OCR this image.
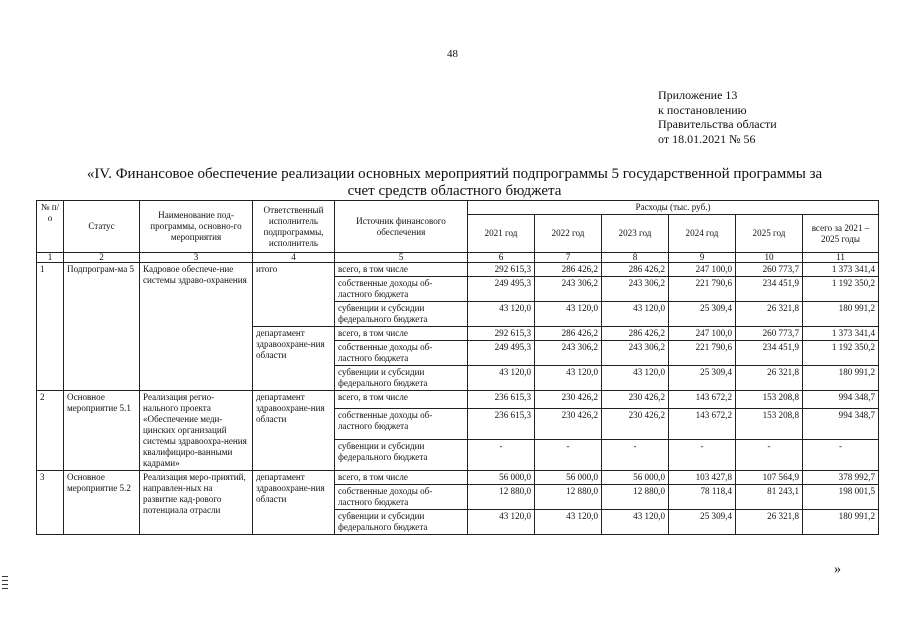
48
Приложение 13
к постановлению
Правительства области
от 18.01.2021 № 56
«IV. Финансовое обеспечение реализации основных мероприятий подпрограммы 5 государственной программы за счет средств областного бюджета
№ п/о	Статус	Наименование под-программы, основно-го мероприятия	Ответственный исполнитель подпрограммы, исполнитель	Источник финансового обеспечения	Расходы (тыс. руб.)					
					2021 год	2022 год	2023 год	2024 год	2025 год	всего за 2021 – 2025 годы
1	2	3	4	5	6	7	8	9	10	11
1	Подпрограм-ма 5	Кадровое обеспече-ние системы здраво-охранения	итого	всего, в том числе	292 615,3	286 426,2	286 426,2	247 100,0	260 773,7	1 373 341,4
				собственные доходы об-ластного бюджета	249 495,3	243 306,2	243 306,2	221 790,6	234 451,9	1 192 350,2
				субвенции и субсидии федерального бюджета	43 120,0	43 120,0	43 120,0	25 309,4	26 321,8	180 991,2
			департамент здравоохране-ния области	всего, в том числе	292 615,3	286 426,2	286 426,2	247 100,0	260 773,7	1 373 341,4
				собственные доходы об-ластного бюджета	249 495,3	243 306,2	243 306,2	221 790,6	234 451,9	1 192 350,2
				субвенции и субсидии федерального бюджета	43 120,0	43 120,0	43 120,0	25 309,4	26 321,8	180 991,2
2	Основное мероприятие 5.1	Реализация регио-нального проекта «Обеспечение меди-цинских организаций системы здравоохра-нения квалифициро-ванными кадрами»	департамент здравоохране-ния области	всего, в том числе	236 615,3	230 426,2	230 426,2	143 672,2	153 208,8	994 348,7
				собственные доходы об-ластного бюджета	236 615,3	230 426,2	230 426,2	143 672,2	153 208,8	994 348,7
				субвенции и субсидии федерального бюджета	-	-	-	-	-	-
3	Основное мероприятие 5.2	Реализация меро-приятий, направлен-ных на развитие кад-рового потенциала отрасли	департамент здравоохране-ния области	всего, в том числе	56 000,0	56 000,0	56 000,0	103 427,8	107 564,9	378 992,7
				собственные доходы об-ластного бюджета	12 880,0	12 880,0	12 880,0	78 118,4	81 243,1	198 001,5
				субвенции и субсидии федерального бюджета	43 120,0	43 120,0	43 120,0	25 309,4	26 321,8	180 991,2
»
